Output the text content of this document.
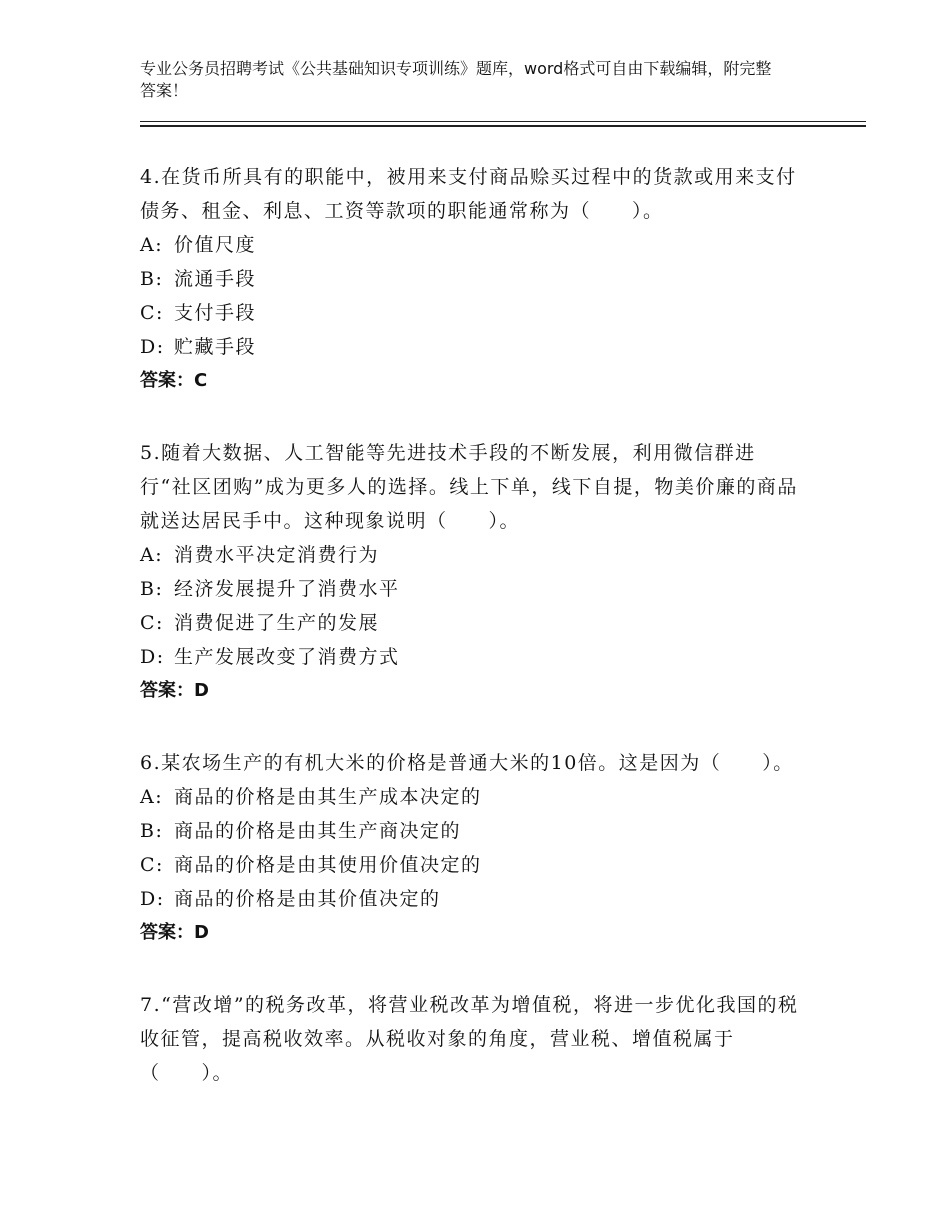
专业公务员招聘考试《公共基础知识专项训练》题库，word格式可自由下载编辑，附完整答案！

4.在货币所具有的职能中，被用来支付商品赊买过程中的货款或用来支付债务、租金、利息、工资等款项的职能通常称为（　　）。

A: 价值尺度

B: 流通手段

C: 支付手段

D: 贮藏手段

答案：C

5.随着大数据、人工智能等先进技术手段的不断发展，利用微信群进行“社区团购”成为更多人的选择。线上下单，线下自提，物美价廉的商品就送达居民手中。这种现象说明（　　）。

A: 消费水平决定消费行为

B: 经济发展提升了消费水平

C: 消费促进了生产的发展

D: 生产发展改变了消费方式

答案：D

6.某农场生产的有机大米的价格是普通大米的10倍。这是因为（　　）。

A: 商品的价格是由其生产成本决定的

B: 商品的价格是由其生产商决定的

C: 商品的价格是由其使用价值决定的

D: 商品的价格是由其价值决定的

答案：D

7.“营改增”的税务改革，将营业税改革为增值税，将进一步优化我国的税收征管，提高税收效率。从税收对象的角度，营业税、增值税属于（　　）。
